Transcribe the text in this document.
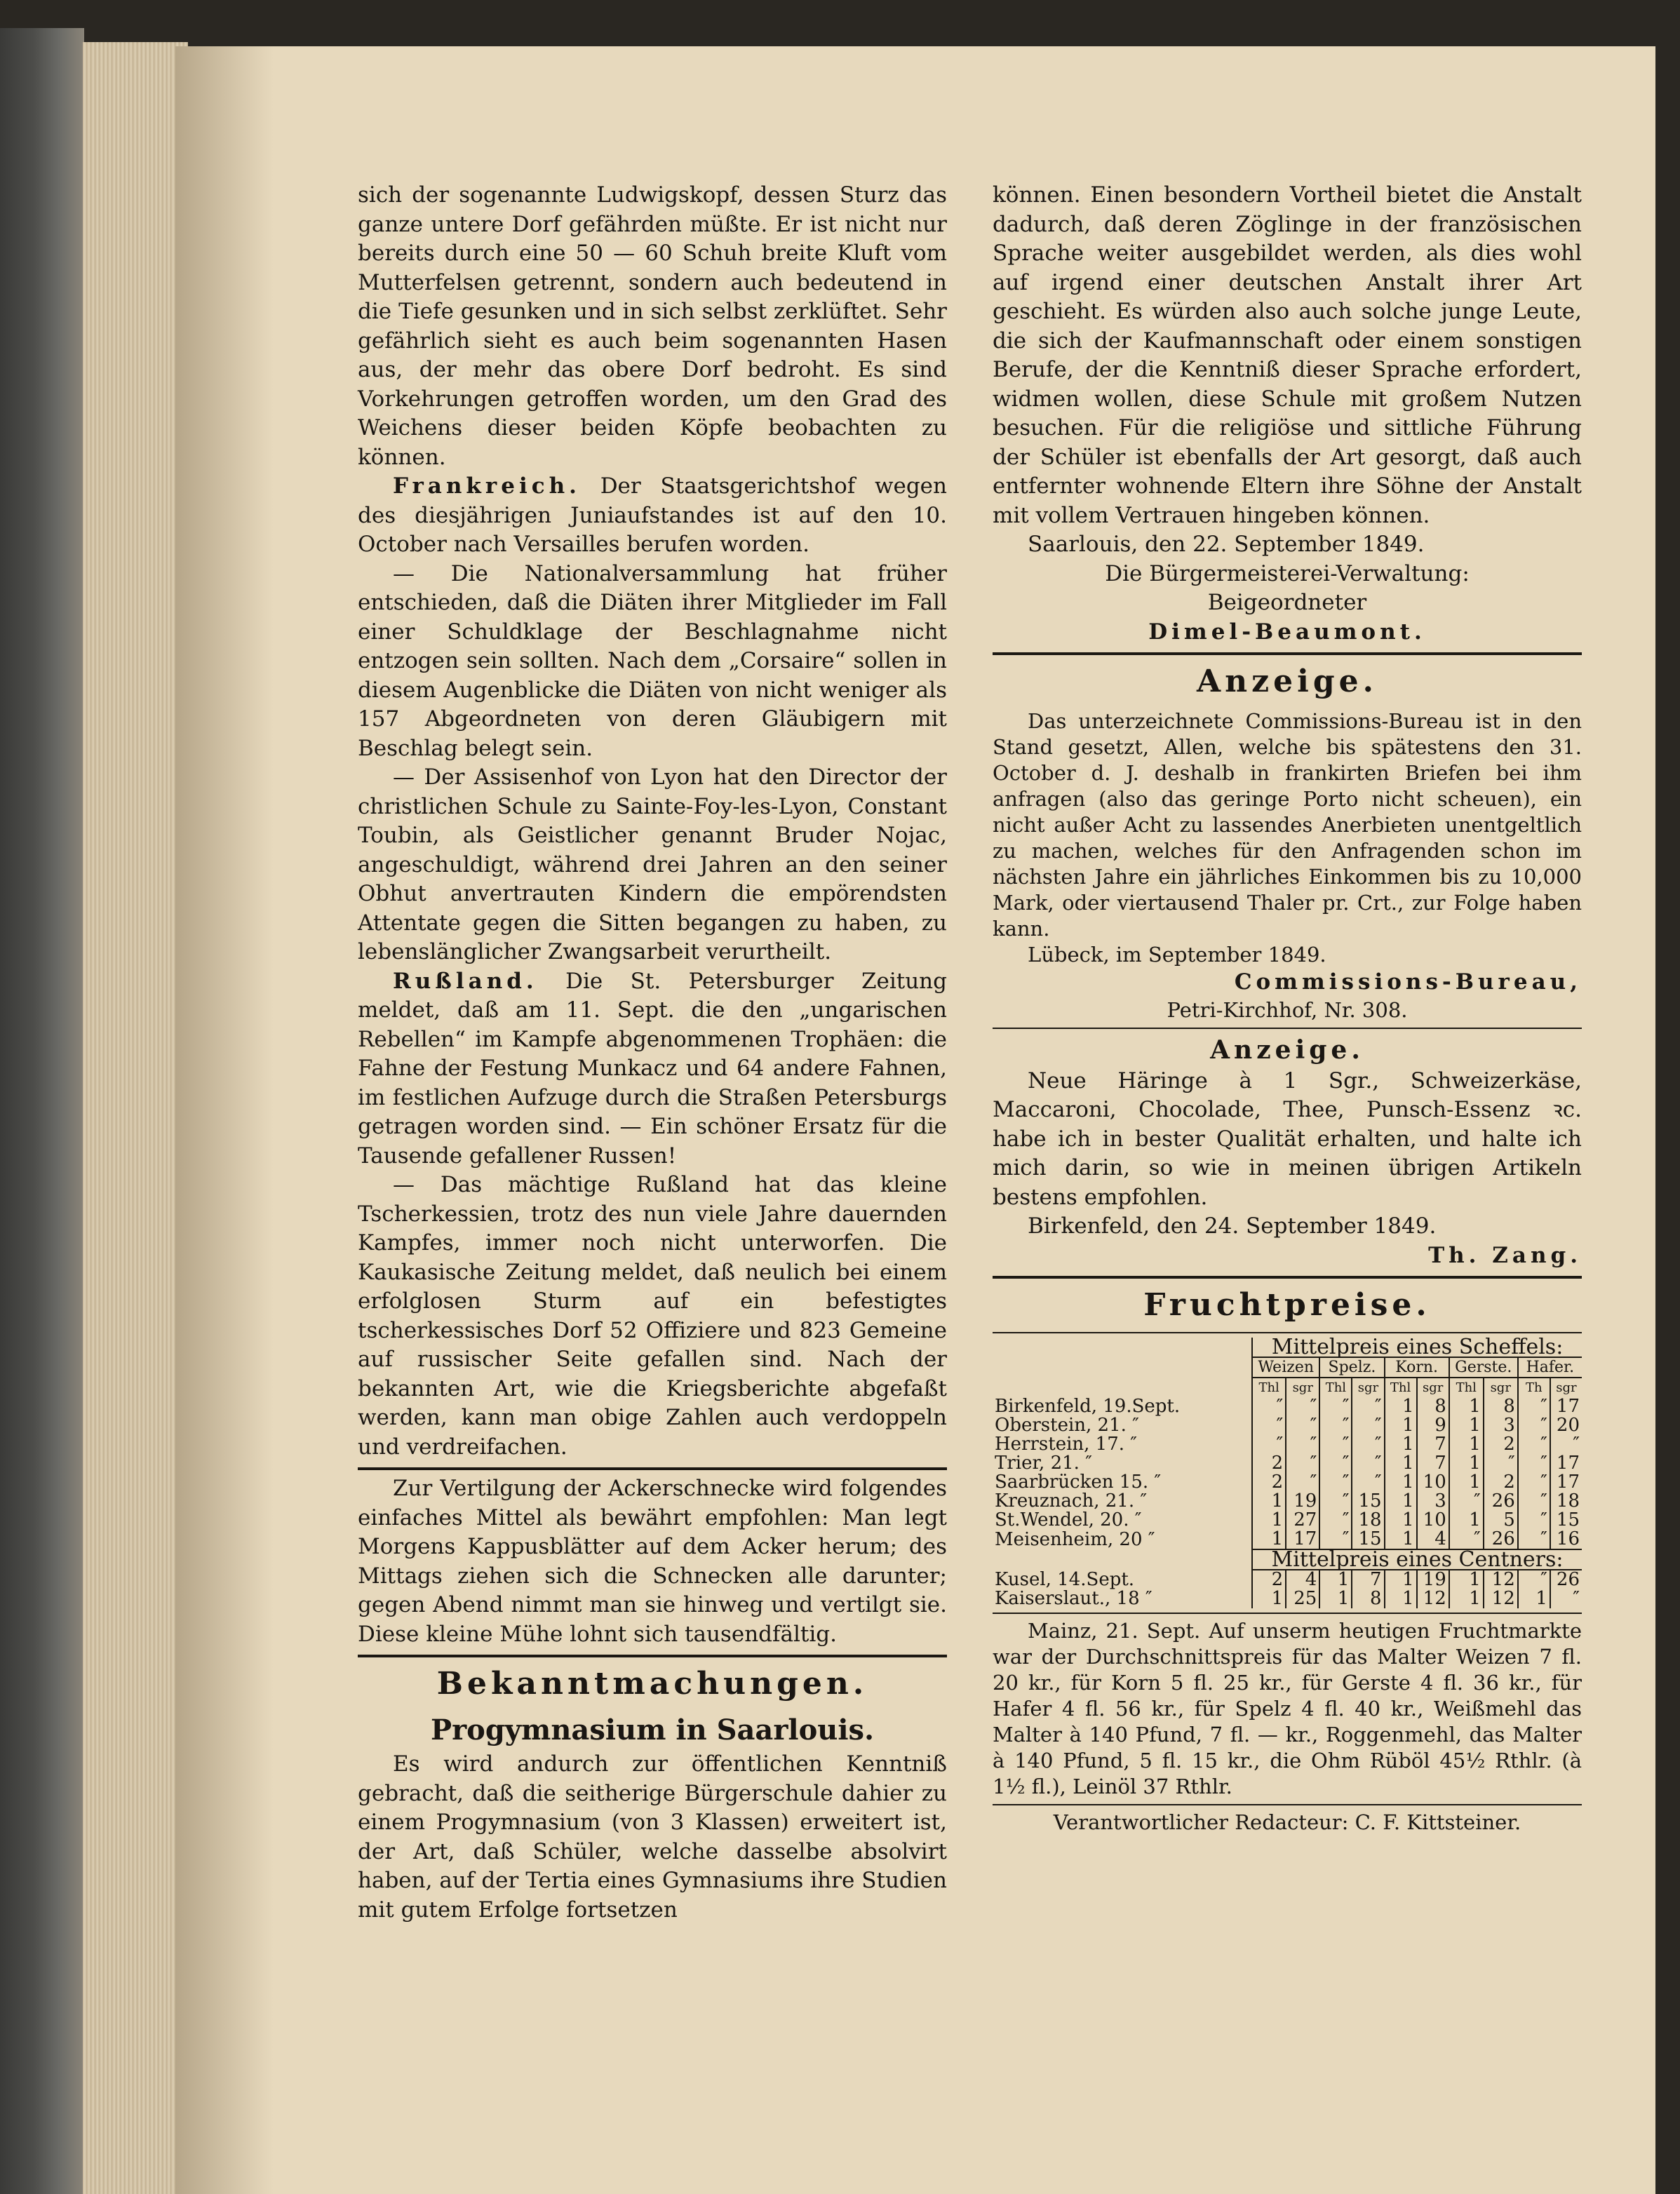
sich der sogenannte Ludwigskopf, dessen Sturz das ganze untere Dorf gefährden müßte. Er ist nicht nur bereits durch eine 50 — 60 Schuh breite Kluft vom Mutterfelsen getrennt, sondern auch bedeutend in die Tiefe gesunken und in sich selbst zerklüftet. Sehr gefährlich sieht es auch beim sogenannten Hasen aus, der mehr das obere Dorf bedroht. Es sind Vorkehrungen getroffen worden, um den Grad des Weichens dieser beiden Köpfe beobachten zu können.

Frankreich. Der Staatsgerichtshof wegen des diesjährigen Juniaufstandes ist auf den 10. October nach Versailles berufen worden.

— Die Nationalversammlung hat früher entschieden, daß die Diäten ihrer Mitglieder im Fall einer Schuldklage der Beschlagnahme nicht entzogen sein sollten. Nach dem „Corsaire“ sollen in diesem Augenblicke die Diäten von nicht weniger als 157 Abgeordneten von deren Gläubigern mit Beschlag belegt sein.

— Der Assisenhof von Lyon hat den Director der christlichen Schule zu Sainte-Foy-les-Lyon, Constant Toubin, als Geistlicher genannt Bruder Nojac, angeschuldigt, während drei Jahren an den seiner Obhut anvertrauten Kindern die empörendsten Attentate gegen die Sitten begangen zu haben, zu lebenslänglicher Zwangsarbeit verurtheilt.

Rußland. Die St. Petersburger Zeitung meldet, daß am 11. Sept. die den „ungarischen Rebellen“ im Kampfe abgenommenen Trophäen: die Fahne der Festung Munkacz und 64 andere Fahnen, im festlichen Aufzuge durch die Straßen Petersburgs getragen worden sind. — Ein schöner Ersatz für die Tausende gefallener Russen!

— Das mächtige Rußland hat das kleine Tscherkessien, trotz des nun viele Jahre dauernden Kampfes, immer noch nicht unterworfen. Die Kaukasische Zeitung meldet, daß neulich bei einem erfolglosen Sturm auf ein befestigtes tscherkessisches Dorf 52 Offiziere und 823 Gemeine auf russischer Seite gefallen sind. Nach der bekannten Art, wie die Kriegsberichte abgefaßt werden, kann man obige Zahlen auch verdoppeln und verdreifachen.

Zur Vertilgung der Ackerschnecke wird folgendes einfaches Mittel als bewährt empfohlen: Man legt Morgens Kappusblätter auf dem Acker herum; des Mittags ziehen sich die Schnecken alle darunter; gegen Abend nimmt man sie hinweg und vertilgt sie. Diese kleine Mühe lohnt sich tausendfältig.

Bekanntmachungen.
Progymnasium in Saarlouis.

Es wird andurch zur öffentlichen Kenntniß gebracht, daß die seitherige Bürgerschule dahier zu einem Progymnasium (von 3 Klassen) erweitert ist, der Art, daß Schüler, welche dasselbe absolvirt haben, auf der Tertia eines Gymnasiums ihre Studien mit gutem Erfolge fortsetzen

können. Einen besondern Vortheil bietet die Anstalt dadurch, daß deren Zöglinge in der französischen Sprache weiter ausgebildet werden, als dies wohl auf irgend einer deutschen Anstalt ihrer Art geschieht. Es würden also auch solche junge Leute, die sich der Kaufmannschaft oder einem sonstigen Berufe, der die Kenntniß dieser Sprache erfordert, widmen wollen, diese Schule mit großem Nutzen besuchen. Für die religiöse und sittliche Führung der Schüler ist ebenfalls der Art gesorgt, daß auch entfernter wohnende Eltern ihre Söhne der Anstalt mit vollem Vertrauen hingeben können.

Saarlouis, den 22. September 1849.

Die Bürgermeisterei-Verwaltung:

Beigeordneter

Dimel-Beaumont.

Anzeige.

Das unterzeichnete Commissions-Bureau ist in den Stand gesetzt, Allen, welche bis spätestens den 31. October d. J. deshalb in frankirten Briefen bei ihm anfragen (also das geringe Porto nicht scheuen), ein nicht außer Acht zu lassendes Anerbieten unentgeltlich zu machen, welches für den Anfragenden schon im nächsten Jahre ein jährliches Einkommen bis zu 10,000 Mark, oder viertausend Thaler pr. Crt., zur Folge haben kann.

Lübeck, im September 1849.

Commissions-Bureau,

Petri-Kirchhof, Nr. 308.

Anzeige.

Neue Häringe à 1 Sgr., Schweizerkäse, Maccaroni, Chocolade, Thee, Punsch-Essenz ꝛc. habe ich in bester Qualität erhalten, und halte ich mich darin, so wie in meinen übrigen Artikeln bestens empfohlen.

Birkenfeld, den 24. September 1849.

Th. Zang.

Fruchtpreise.
	Mittelpreis eines Scheffels:									
	Weizen		Spelz.		Korn.		Gerste.		Hafer.	
	Thl	sgr	Thl	sgr	Thl	sgr	Thl	sgr	Th	sgr
Birkenfeld, 19.Sept.	″	″	″	″	1	8	1	8	″	17
Oberstein, 21. ″	″	″	″	″	1	9	1	3	″	20
Herrstein, 17. ″	″	″	″	″	1	7	1	2	″	″
Trier, 21. ″	2	″	″	″	1	7	1	″	″	17
Saarbrücken 15. ″	2	″	″	″	1	10	1	2	″	17
Kreuznach, 21. ″	1	19	″	15	1	3	″	26	″	18
St.Wendel, 20. ″	1	27	″	18	1	10	1	5	″	15
Meisenheim, 20 ″	1	17	″	15	1	4	″	26	″	16
	Mittelpreis eines Centners:									
Kusel, 14.Sept.	2	4	1	7	1	19	1	12	″	26
Kaiserslaut., 18 ″	1	25	1	8	1	12	1	12	1	″

Mainz, 21. Sept. Auf unserm heutigen Fruchtmarkte war der Durchschnittspreis für das Malter Weizen 7 fl. 20 kr., für Korn 5 fl. 25 kr., für Gerste 4 fl. 36 kr., für Hafer 4 fl. 56 kr., für Spelz 4 fl. 40 kr., Weißmehl das Malter à 140 Pfund, 7 fl. — kr., Roggenmehl, das Malter à 140 Pfund, 5 fl. 15 kr., die Ohm Rüböl 45½ Rthlr. (à 1½ fl.), Leinöl 37 Rthlr.

Verantwortlicher Redacteur: C. F. Kittsteiner.
